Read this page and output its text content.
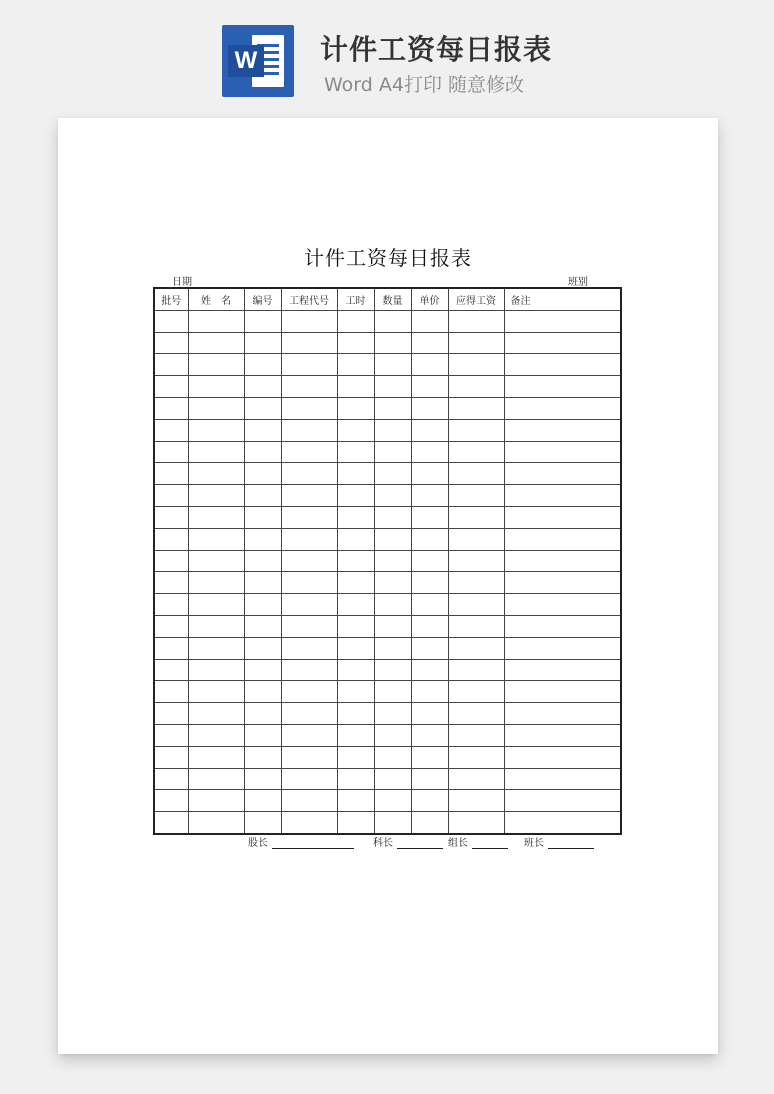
W 计件工资每日报表
Word A4打印 随意修改
计件工资每日报表
日期	班别
批号	姓　名	编号	工程代号	工时	数量	单价	应得工资	备注

股长	科长	组长	班长
